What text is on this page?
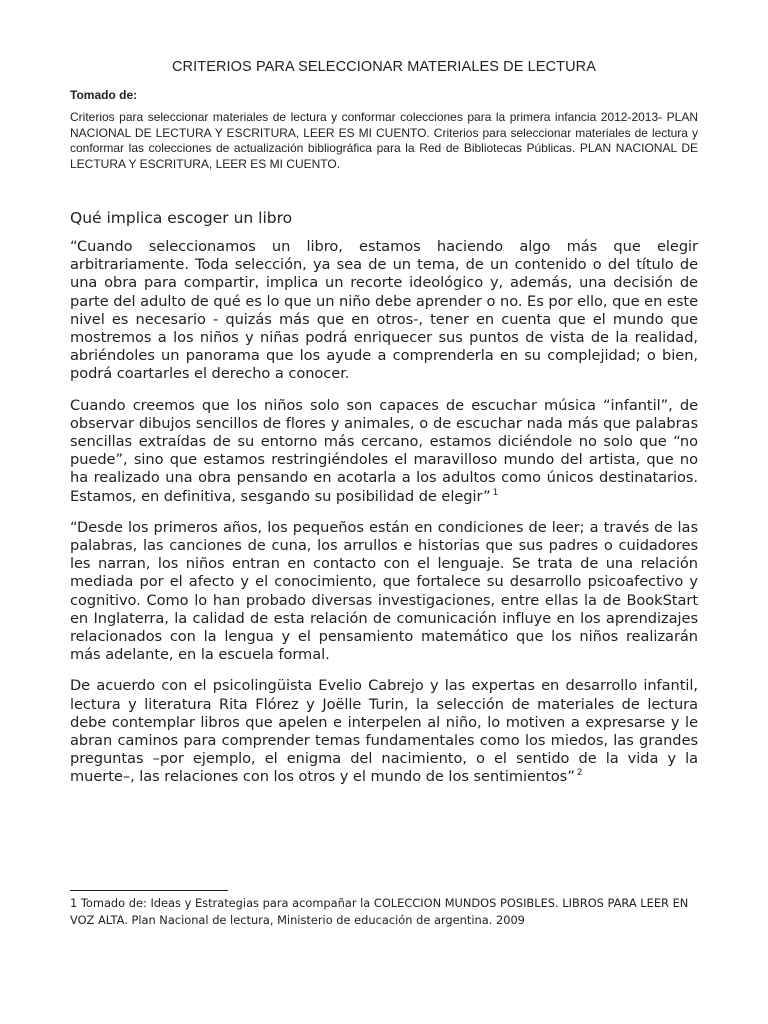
CRITERIOS PARA SELECCIONAR MATERIALES DE LECTURA

Tomado de:

Criterios para seleccionar materiales de lectura y conformar colecciones para la primera infancia 2012-2013- PLAN NACIONAL DE LECTURA Y ESCRITURA, LEER ES MI CUENTO. Criterios para seleccionar materiales de lectura y conformar las colecciones de actualización bibliográfica para la Red de Bibliotecas Públicas. PLAN NACIONAL DE LECTURA Y ESCRITURA, LEER ES MI CUENTO.

Qué implica escoger un libro

“Cuando seleccionamos un libro, estamos haciendo algo más que elegir arbitrariamente. Toda selección, ya sea de un tema, de un contenido o del título de una obra para compartir, implica un recorte ideológico y, además, una decisión de parte del adulto de qué es lo que un niño debe aprender o no. Es por ello, que en este nivel es necesario - quizás más que en otros-, tener en cuenta que el mundo que mostremos a los niños y niñas podrá enriquecer sus puntos de vista de la realidad, abriéndoles un panorama que los ayude a comprenderla en su complejidad; o bien, podrá coartarles el derecho a conocer.

Cuando creemos que los niños solo son capaces de escuchar música “infantil”, de observar dibujos sencillos de flores y animales, o de escuchar nada más que palabras sencillas extraídas de su entorno más cercano, estamos diciéndole no solo que “no puede”, sino que estamos restringiéndoles el maravilloso mundo del artista, que no ha realizado una obra pensando en acotarla a los adultos como únicos destinatarios. Estamos, en definitiva, sesgando su posibilidad de elegir” $^1$

“Desde los primeros años, los pequeños están en condiciones de leer; a través de las palabras, las canciones de cuna, los arrullos e historias que sus padres o cuidadores les narran, los niños entran en contacto con el lenguaje. Se trata de una relación mediada por el afecto y el conocimiento, que fortalece su desarrollo psicoafectivo y cognitivo. Como lo han probado diversas investigaciones, entre ellas la de BookStart en Inglaterra, la calidad de esta relación de comunicación influye en los aprendizajes relacionados con la lengua y el pensamiento matemático que los niños realizarán más adelante, en la escuela formal.

De acuerdo con el psicolingüista Evelio Cabrejo y las expertas en desarrollo infantil, lectura y literatura Rita Flórez y Joëlle Turin, la selección de materiales de lectura debe contemplar libros que apelen e interpelen al niño, lo motiven a expresarse y le abran caminos para comprender temas fundamentales como los miedos, las grandes preguntas –por ejemplo, el enigma del nacimiento, o el sentido de la vida y la muerte–, las relaciones con los otros y el mundo de los sentimientos” $^2$

1 Tomado de: Ideas y Estrategias para acompañar la COLECCION MUNDOS POSIBLES. LIBROS PARA LEER EN VOZ ALTA. Plan Nacional de lectura, Ministerio de educación de argentina. 2009
